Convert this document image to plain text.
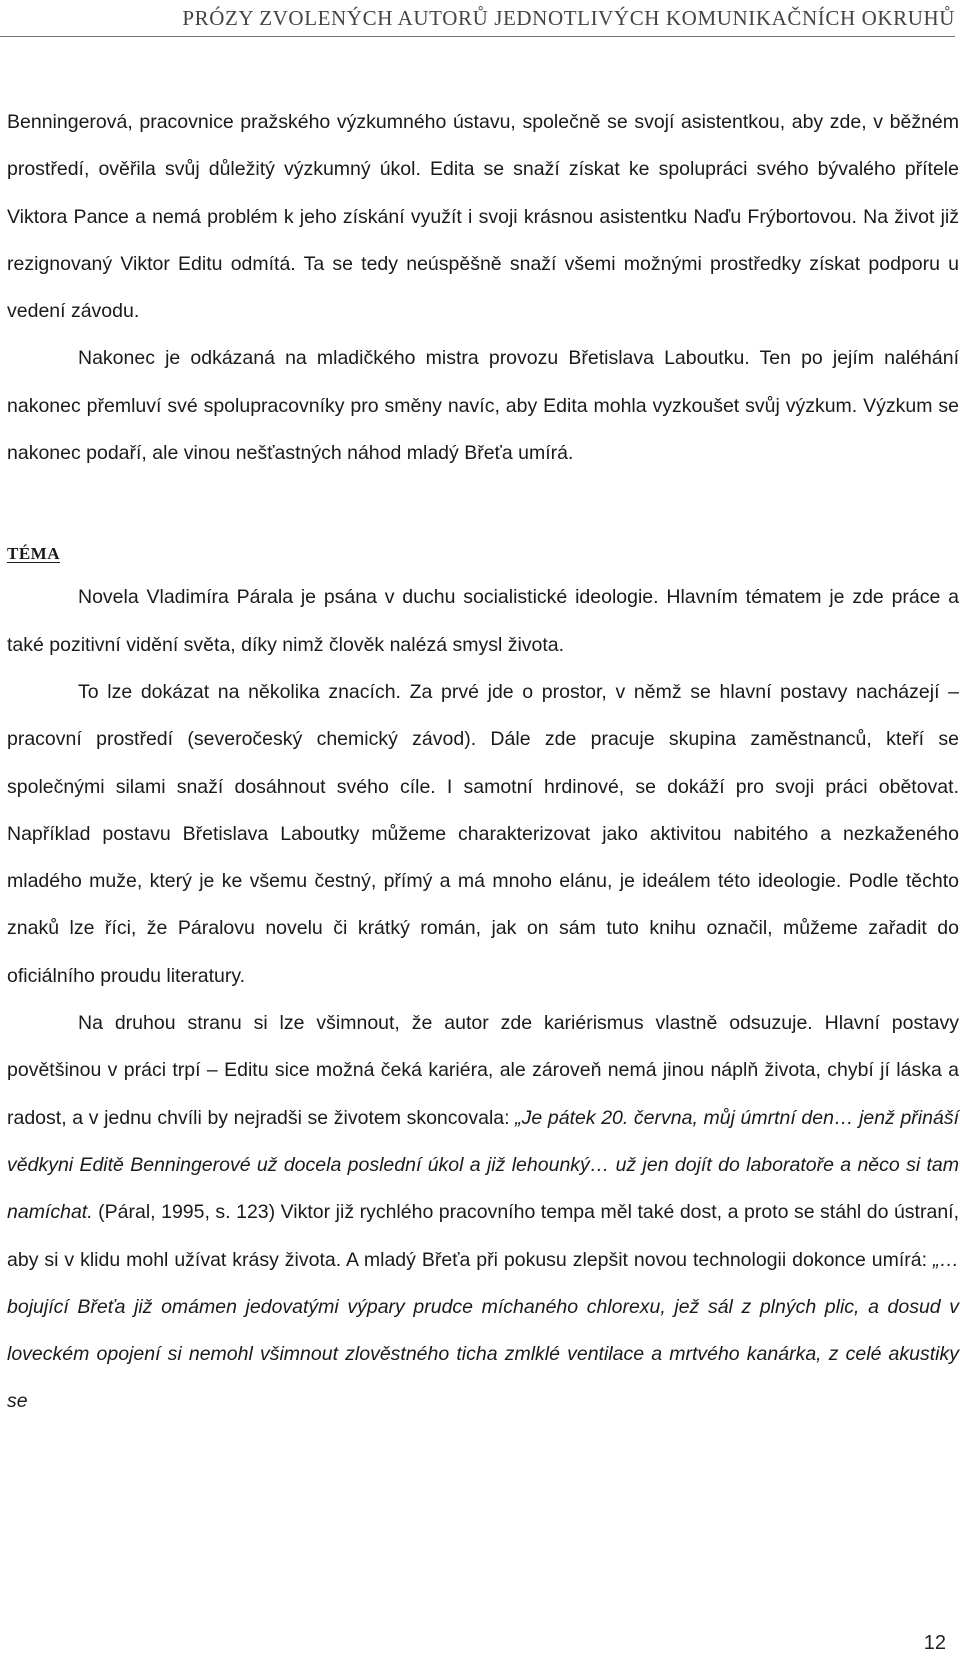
PRÓZY ZVOLENÝCH AUTORŮ JEDNOTLIVÝCH KOMUNIKAČNÍCH OKRUHŮ

Benningerová, pracovnice pražského výzkumného ústavu, společně se svojí asistentkou, aby zde, v běžném prostředí, ověřila svůj důležitý výzkumný úkol. Edita se snaží získat ke spolupráci svého bývalého přítele Viktora Pance a nemá problém k jeho získání využít i svoji krásnou asistentku Naďu Frýbortovou. Na život již rezignovaný Viktor Editu odmítá. Ta se tedy neúspěšně snaží všemi možnými prostředky získat podporu u vedení závodu.

Nakonec je odkázaná na mladičkého mistra provozu Břetislava Laboutku. Ten po jejím naléhání nakonec přemluví své spolupracovníky pro směny navíc, aby Edita mohla vyzkoušet svůj výzkum. Výzkum se nakonec podaří, ale vinou nešťastných náhod mladý Břeťa umírá.

TÉMA

Novela Vladimíra Párala je psána v duchu socialistické ideologie. Hlavním tématem je zde práce a také pozitivní vidění světa, díky nimž člověk nalézá smysl života.

To lze dokázat na několika znacích. Za prvé jde o prostor, v němž se hlavní postavy nacházejí – pracovní prostředí (severočeský chemický závod). Dále zde pracuje skupina zaměstnanců, kteří se společnými silami snaží dosáhnout svého cíle. I samotní hrdinové, se dokáží pro svoji práci obětovat. Například postavu Břetislava Laboutky můžeme charakterizovat jako aktivitou nabitého a nezkaženého mladého muže, který je ke všemu čestný, přímý a má mnoho elánu, je ideálem této ideologie. Podle těchto znaků lze říci, že Páralovu novelu či krátký román, jak on sám tuto knihu označil, můžeme zařadit do oficiálního proudu literatury.

Na druhou stranu si lze všimnout, že autor zde kariérismus vlastně odsuzuje. Hlavní postavy povětšinou v práci trpí – Editu sice možná čeká kariéra, ale zároveň nemá jinou náplň života, chybí jí láska a radost, a v jednu chvíli by nejradši se životem skoncovala: „Je pátek 20. června, můj úmrtní den… jenž přináší vědkyni Editě Benningerové už docela poslední úkol a již lehounký… už jen dojít do laboratoře a něco si tam namíchat. (Páral, 1995, s. 123) Viktor již rychlého pracovního tempa měl také dost, a proto se stáhl do ústraní, aby si v klidu mohl užívat krásy života. A mladý Břeťa při pokusu zlepšit novou technologii dokonce umírá: „… bojující Břeťa již omámen jedovatými výpary prudce míchaného chlorexu, jež sál z plných plic, a dosud v loveckém opojení si nemohl všimnout zlověstného ticha zmlklé ventilace a mrtvého kanárka, z celé akustiky se

12
